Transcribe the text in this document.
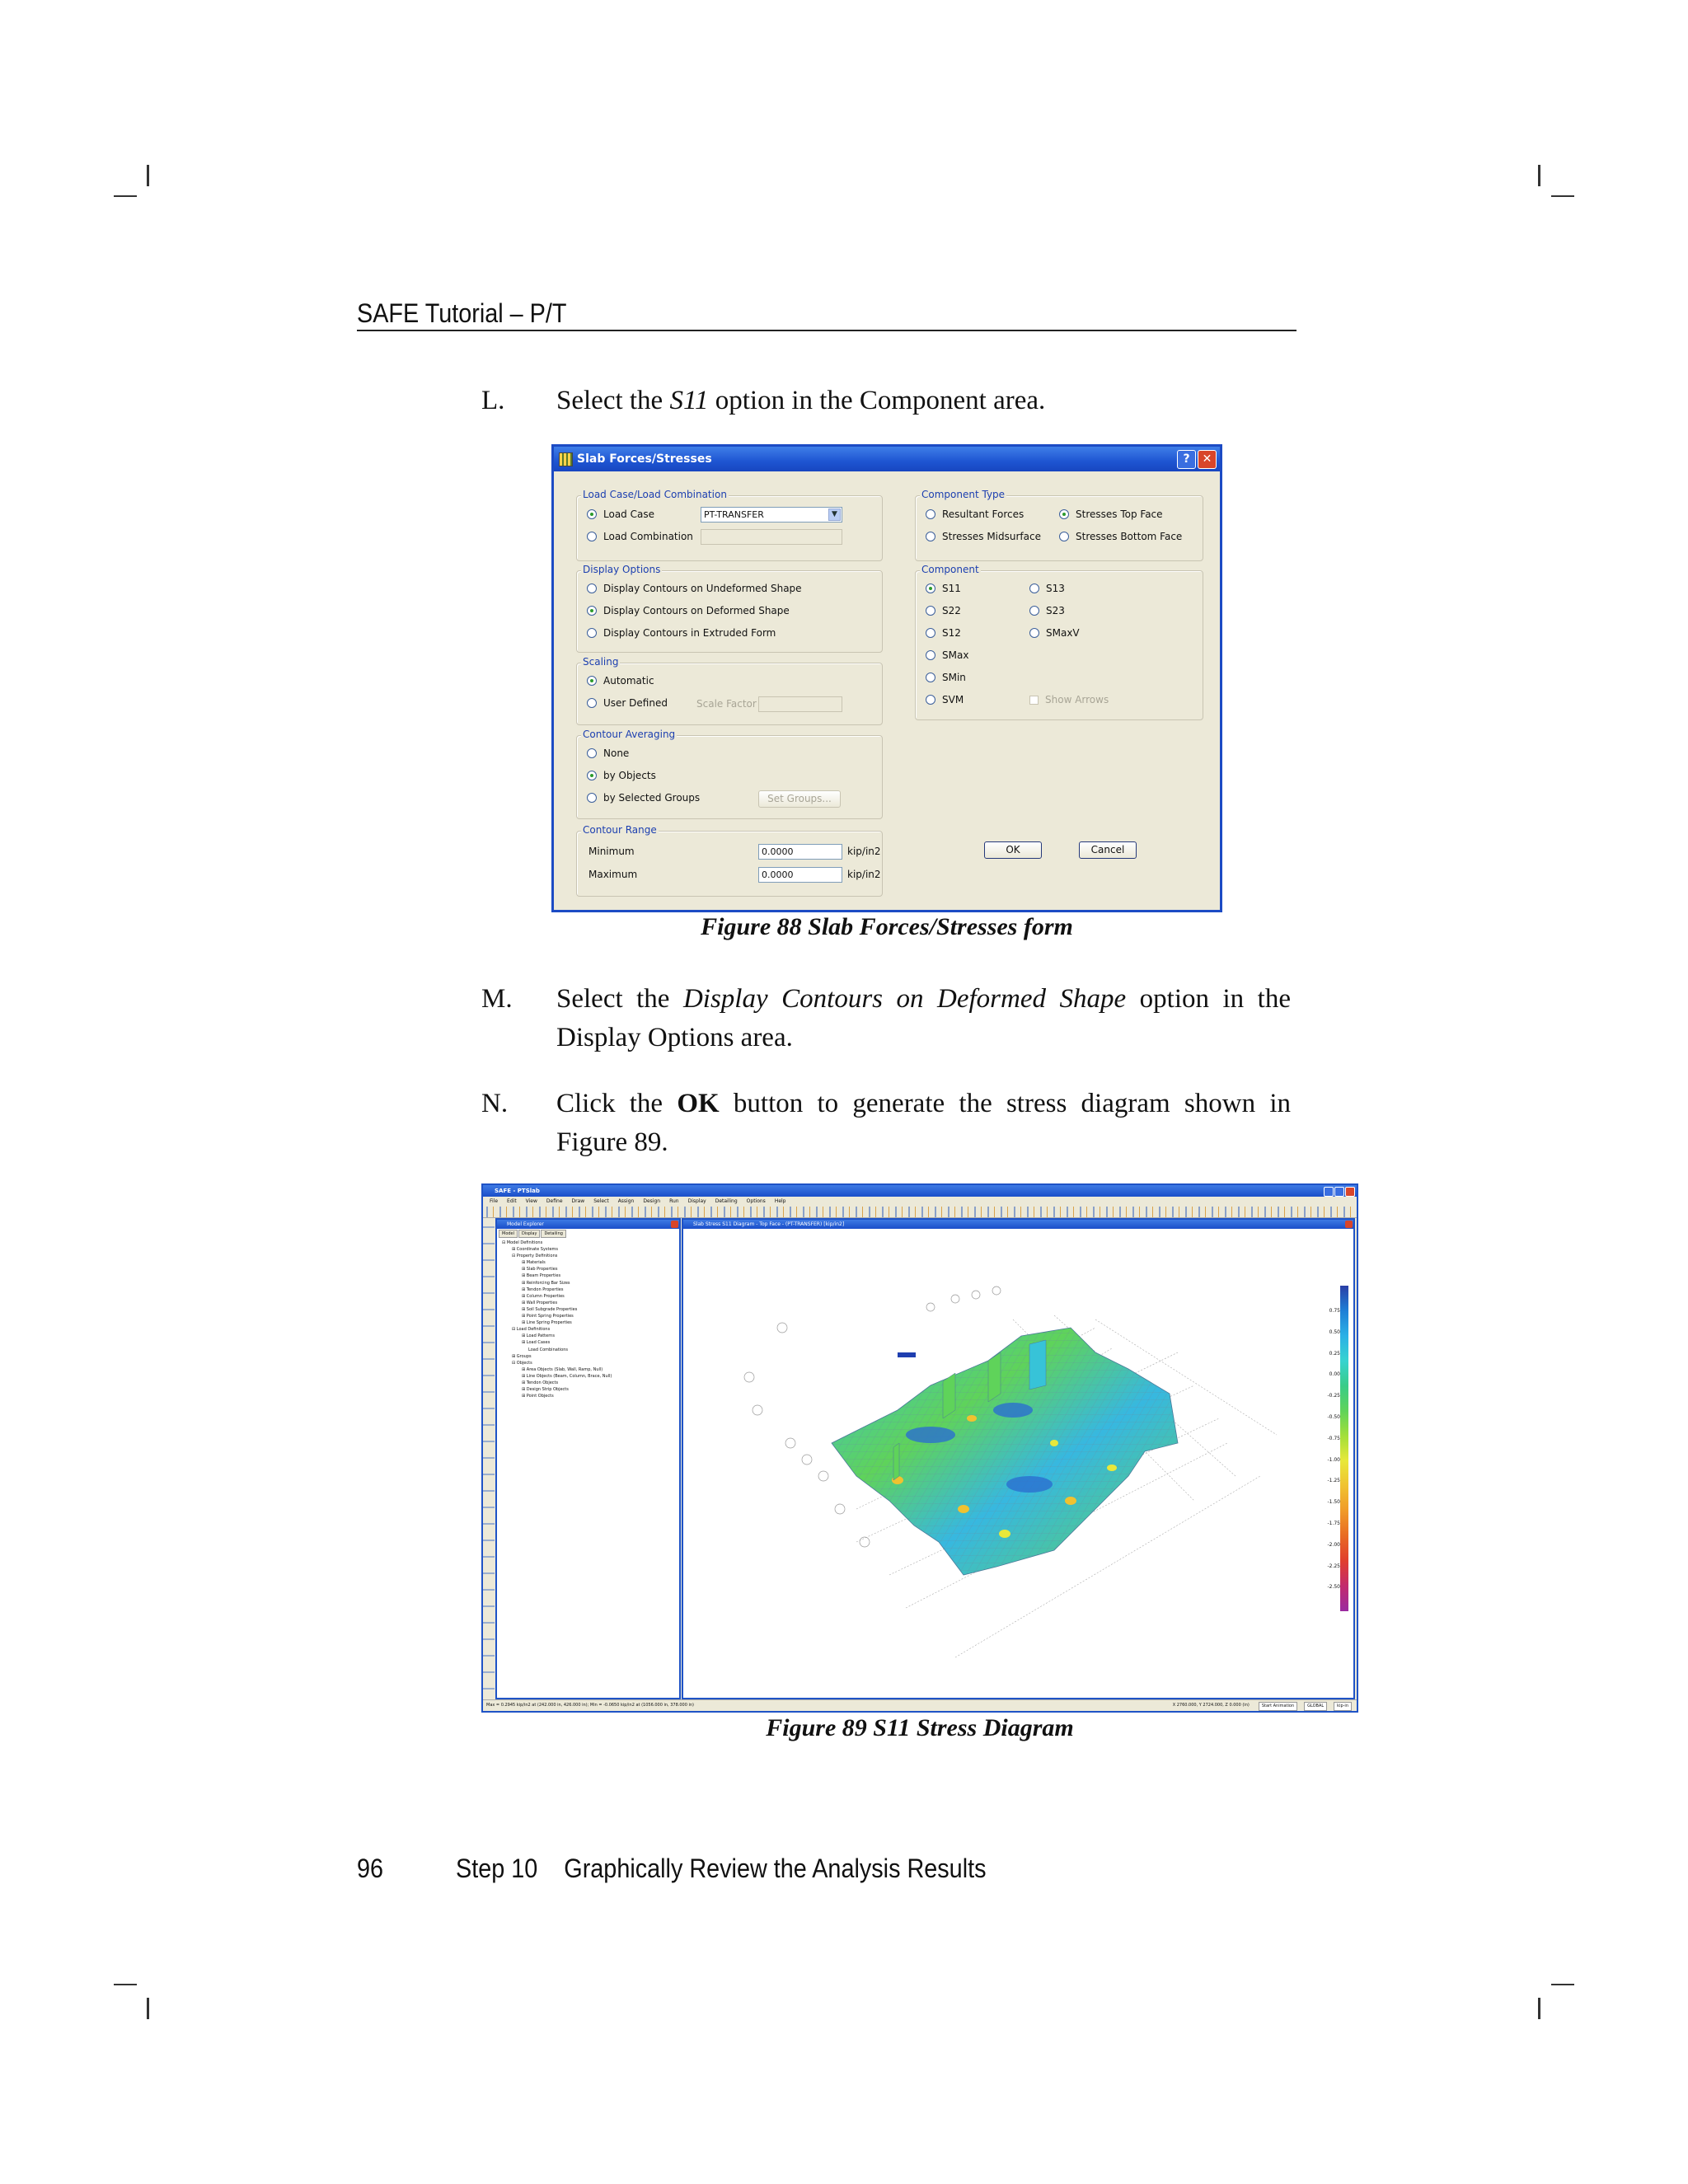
SAFE Tutorial – P/T
L. Select the S11 option in the Component area.
Slab Forces/Stresses	?	✕
Load Case/Load Combination
Load Case	PT-TRANSFER	▼
Load Combination
Display Options
Display Contours on Undeformed Shape
Display Contours on Deformed Shape
Display Contours in Extruded Form
Scaling
Automatic
User Defined	Scale Factor
Contour Averaging
None
by Objects
by Selected Groups	Set Groups...
Contour Range
Minimum	0.0000	kip/in2
Maximum	0.0000	kip/in2
Component Type
Resultant Forces
Stresses Midsurface
Stresses Top Face
Stresses Bottom Face
Component
S11
S22
S12
SMax
SMin
SVM
S13
S23
SMaxV
Show Arrows
OK	Cancel
Figure 88 Slab Forces/Stresses form
M. Select the Display Contours on Deformed Shape option in the Display Options area.
N. Click the OK button to generate the stress diagram shown in Figure 89.
SAFE - PTSlab
File Edit View Define Draw Select Assign Design Run Display Detailing Options Help
Model Explorer
Model	Display	Detailing
⊟ Model Definitions
⊞ Coordinate Systems
⊟ Property Definitions
⊞ Materials
⊞ Slab Properties
⊞ Beam Properties
⊞ Reinforcing Bar Sizes
⊞ Tendon Properties
⊞ Column Properties
⊞ Wall Properties
⊞ Soil Subgrade Properties
⊞ Point Spring Properties
⊞ Line Spring Properties
⊟ Load Definitions
⊞ Load Patterns
⊞ Load Cases
Load Combinations
⊞ Groups
⊟ Objects
⊞ Area Objects (Slab, Wall, Ramp, Null)
⊞ Line Objects (Beam, Column, Brace, Null)
⊞ Tendon Objects
⊞ Design Strip Objects
⊞ Point Objects
Slab Stress S11 Diagram - Top Face - (PT-TRANSFER) [kip/in2]
0.75
0.50
0.25
0.00
-0.25
-0.50
-0.75
-1.00
-1.25
-1.50
-1.75
-2.00
-2.25
-2.50
Max = 0.2945 kip/in2 at (242.000 in, 426.000 in); Min = -0.0650 kip/in2 at (1056.000 in, 378.000 in)	X 2760.000, Y 2724.000, Z 0.000 (in)	Start Animation	GLOBAL	kip-in
Figure 89 S11 Stress Diagram
96	Step 10    Graphically Review the Analysis Results
